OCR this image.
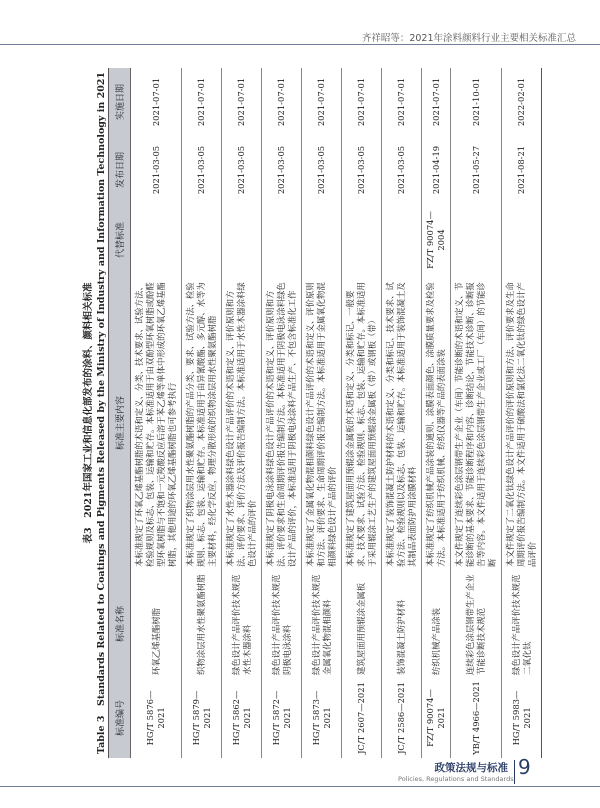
齐祥昭等：2021年涂料颜料行业主要相关标准汇总
表3　2021年国家工业和信息化部发布的涂料、颜料相关标准 Table 3　Standards Related to Coatings and Pigments Released by the Ministry of Industry and Information Technology in 2021 标准编号	标准名称	标准主要内容	代替标准	发布日期	实施日期
HG/T 5876—2021	环氧乙烯基酯树脂	本标准规定了环氧乙烯基酯树脂的术语和定义、分类、技术要求、试验方法、检验规则及标志、包装、运输和贮存。本标准适用于由双酚型环氧树脂或酚醛型环氧树脂与不饱和一元羧酸反应后溶于苯乙烯等单体中形成的环氧乙烯基酯树脂，其他用途的环氧乙烯基酯树脂也可参考执行		2021-03-05	2021-07-01
HG/T 5879—2021	织物涂层用水性聚氨酯树脂	本标准规定了织物涂层用水性聚氨酯树脂的产品分类、要求、试验方法、检验规则、标志、包装、运输和贮存。本标准适用于由异氰酸酯、多元醇、水等为主要材料，经化学反应，物理分散形成的织物涂层用水性聚氨酯树脂		2021-03-05	2021-07-01
HG/T 5862—2021	绿色设计产品评价技术规范 水性木器涂料	本标准规定了水性木器涂料绿色设计产品评价的术语和定义、评价原则和方法、评价要求、评价方法及评价报告编制方法。本标准适用于水性木器涂料绿色设计产品的评价		2021-03-05	2021-07-01
HG/T 5872—2021	绿色设计产品评价技术规范 阴极电泳涂料	本标准规定了阴极电泳涂料绿色设计产品评价的术语和定义、评价原则和方法、评价要求和生命周期评价报告编制方法。本标准适用于阴极电泳涂料绿色设计产品的评价，本标准适用于阴极电泳涂料产品生产、不包含标准化工作		2021-03-05	2021-07-01
HG/T 5873—2021	绿色设计产品评价技术规范 金属氧化物混相颜料	本标准规定了金属氧化物混相颜料绿色设计产品评价的术语和定义、评价原则和方法、评价要求、生命周期评价报告编制方法。本标准适用于金属氧化物混相颜料绿色设计产品的评价		2021-03-05	2021-07-01
JC/T 2607—2021	建筑屋面用预辊涂金属板	本标准规定了建筑屋面用预辊涂金属板的术语和定义、分类和标记、一般要求、技术要求、试验方法、检验规则、标志、包装、运输和贮存。本标准适用于采用辊涂工艺生产的建筑屋面用预辊涂金属板（带）或钢板（带）		2021-03-05	2021-07-01
JC/T 2586—2021	装饰混凝土防护材料	本标准规定了装饰混凝土防护材料的术语和定义、分类和标记、技术要求、试验方法、检验规则以及标志、包装、运输和贮存。本标准适用于装饰混凝土及其制品表面防护用涂膜材料		2021-03-05	2021-07-01
FZ/T 90074—2021	纺织机械产品涂装	本标准规定了纺织机械产品涂装的通则、涂膜表面颜色、涂膜质量要求及检验方法。本标准适用于纺织机械、纺织仪器等产品的表面涂装	FZ/T 90074—2004	2021-04-19	2021-07-01
YB/T 4966—2021	连续彩色涂层钢带生产企业节能诊断技术规范	本文件规定了连续彩色涂层钢带生产企业（车间）节能诊断的术语和定义、节能诊断的基本要求、节能诊断程序和内容、诊断结论、节能技术诊断、诊断报告等内容。本文件适用于连续彩色涂层钢带生产企业或工厂（车间）的节能诊断		2021-05-27	2021-10-01
HG/T 5983—2021	绿色设计产品评价技术规范 二氧化钛	本文件规定了二氧化钛绿色设计产品评价的评价原则和方法、评价要求及生命周期评价报告编制方法。本文件适用于硫酸法和氯化法二氧化钛的绿色设计产品评价		2021-08-21	2022-02-01
政策法规与标准
Policies, Regulations and Standards 9
